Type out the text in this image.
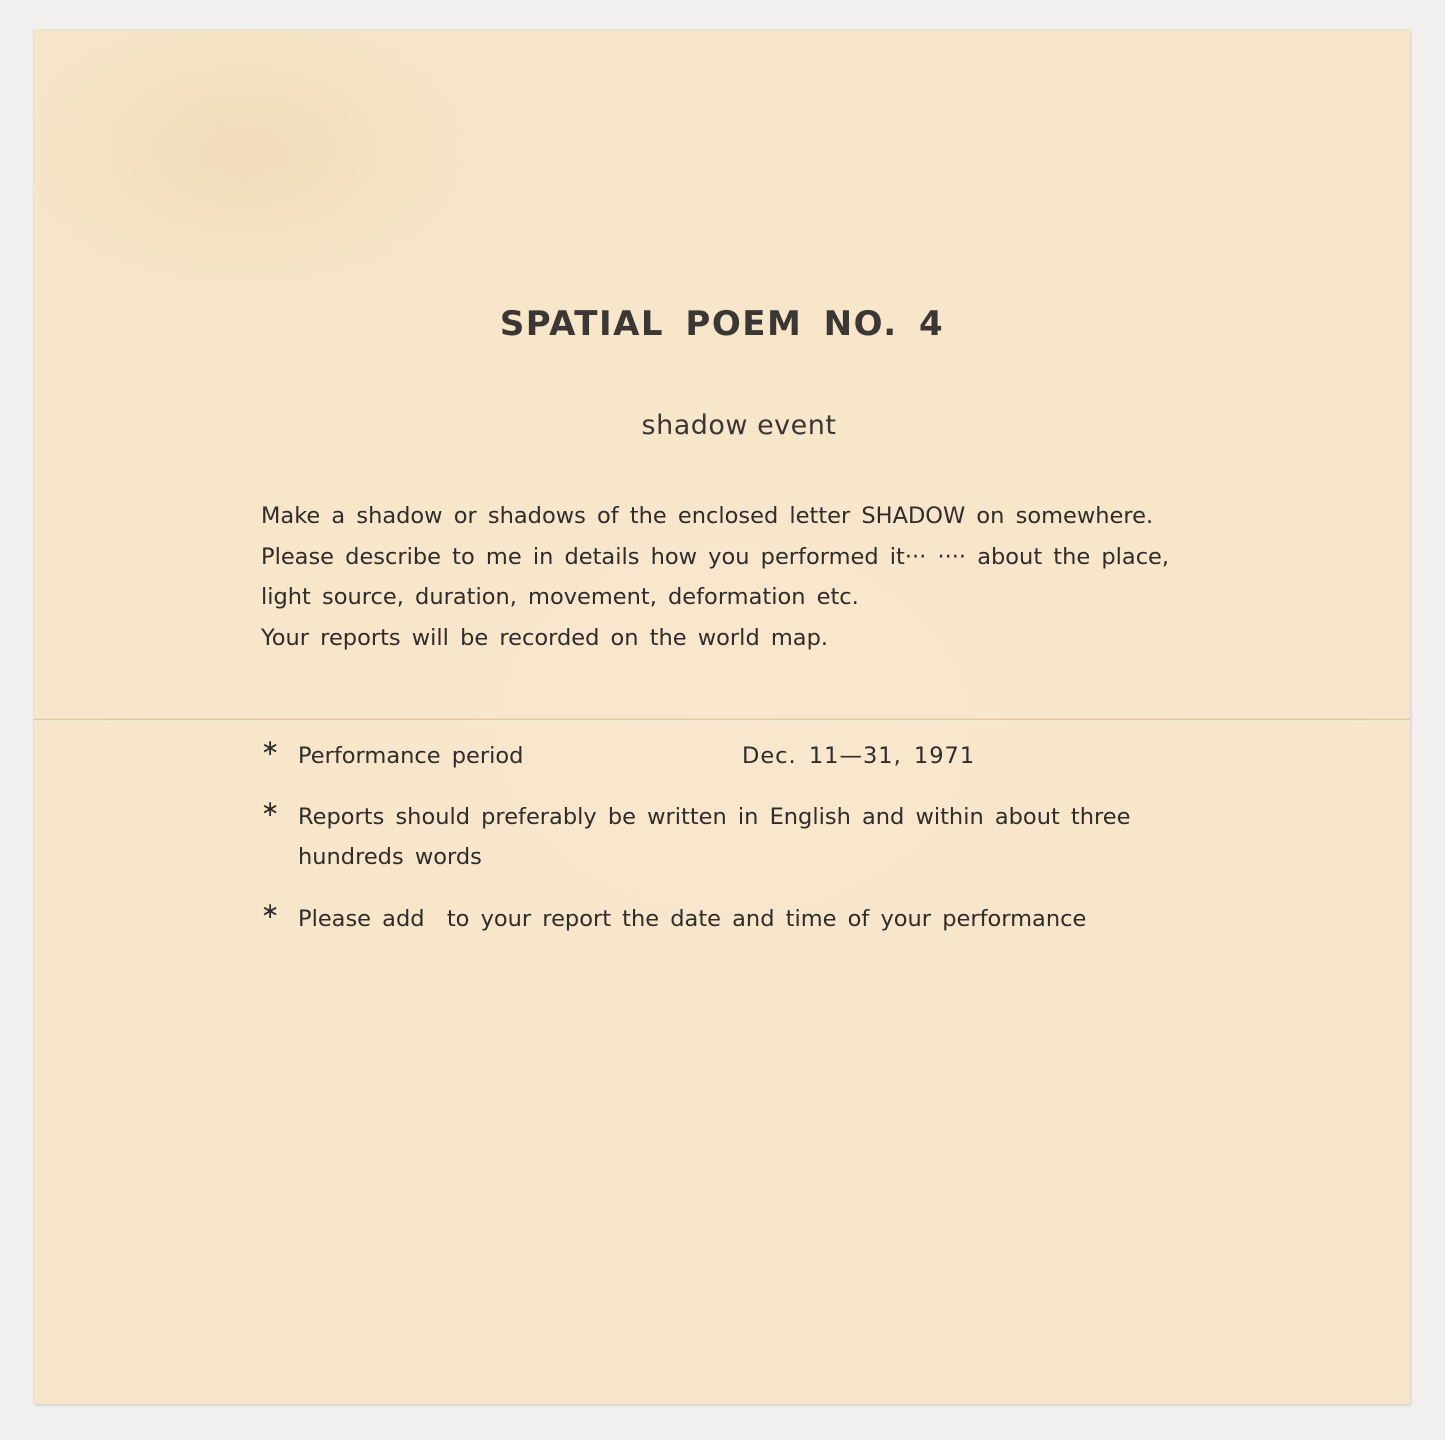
SPATIAL POEM NO. 4
shadow event
Make a shadow or shadows of the enclosed letter SHADOW on somewhere.
Please describe to me in details how you performed it··· ···· about the place,
light source, duration, movement, deformation etc.
Your reports will be recorded on the world map.
∗ Performance period	Dec. 11—31, 1971
∗ Reports should preferably be written in English and within about three
hundreds words
∗ Please add  to your report the date and time of your performance
